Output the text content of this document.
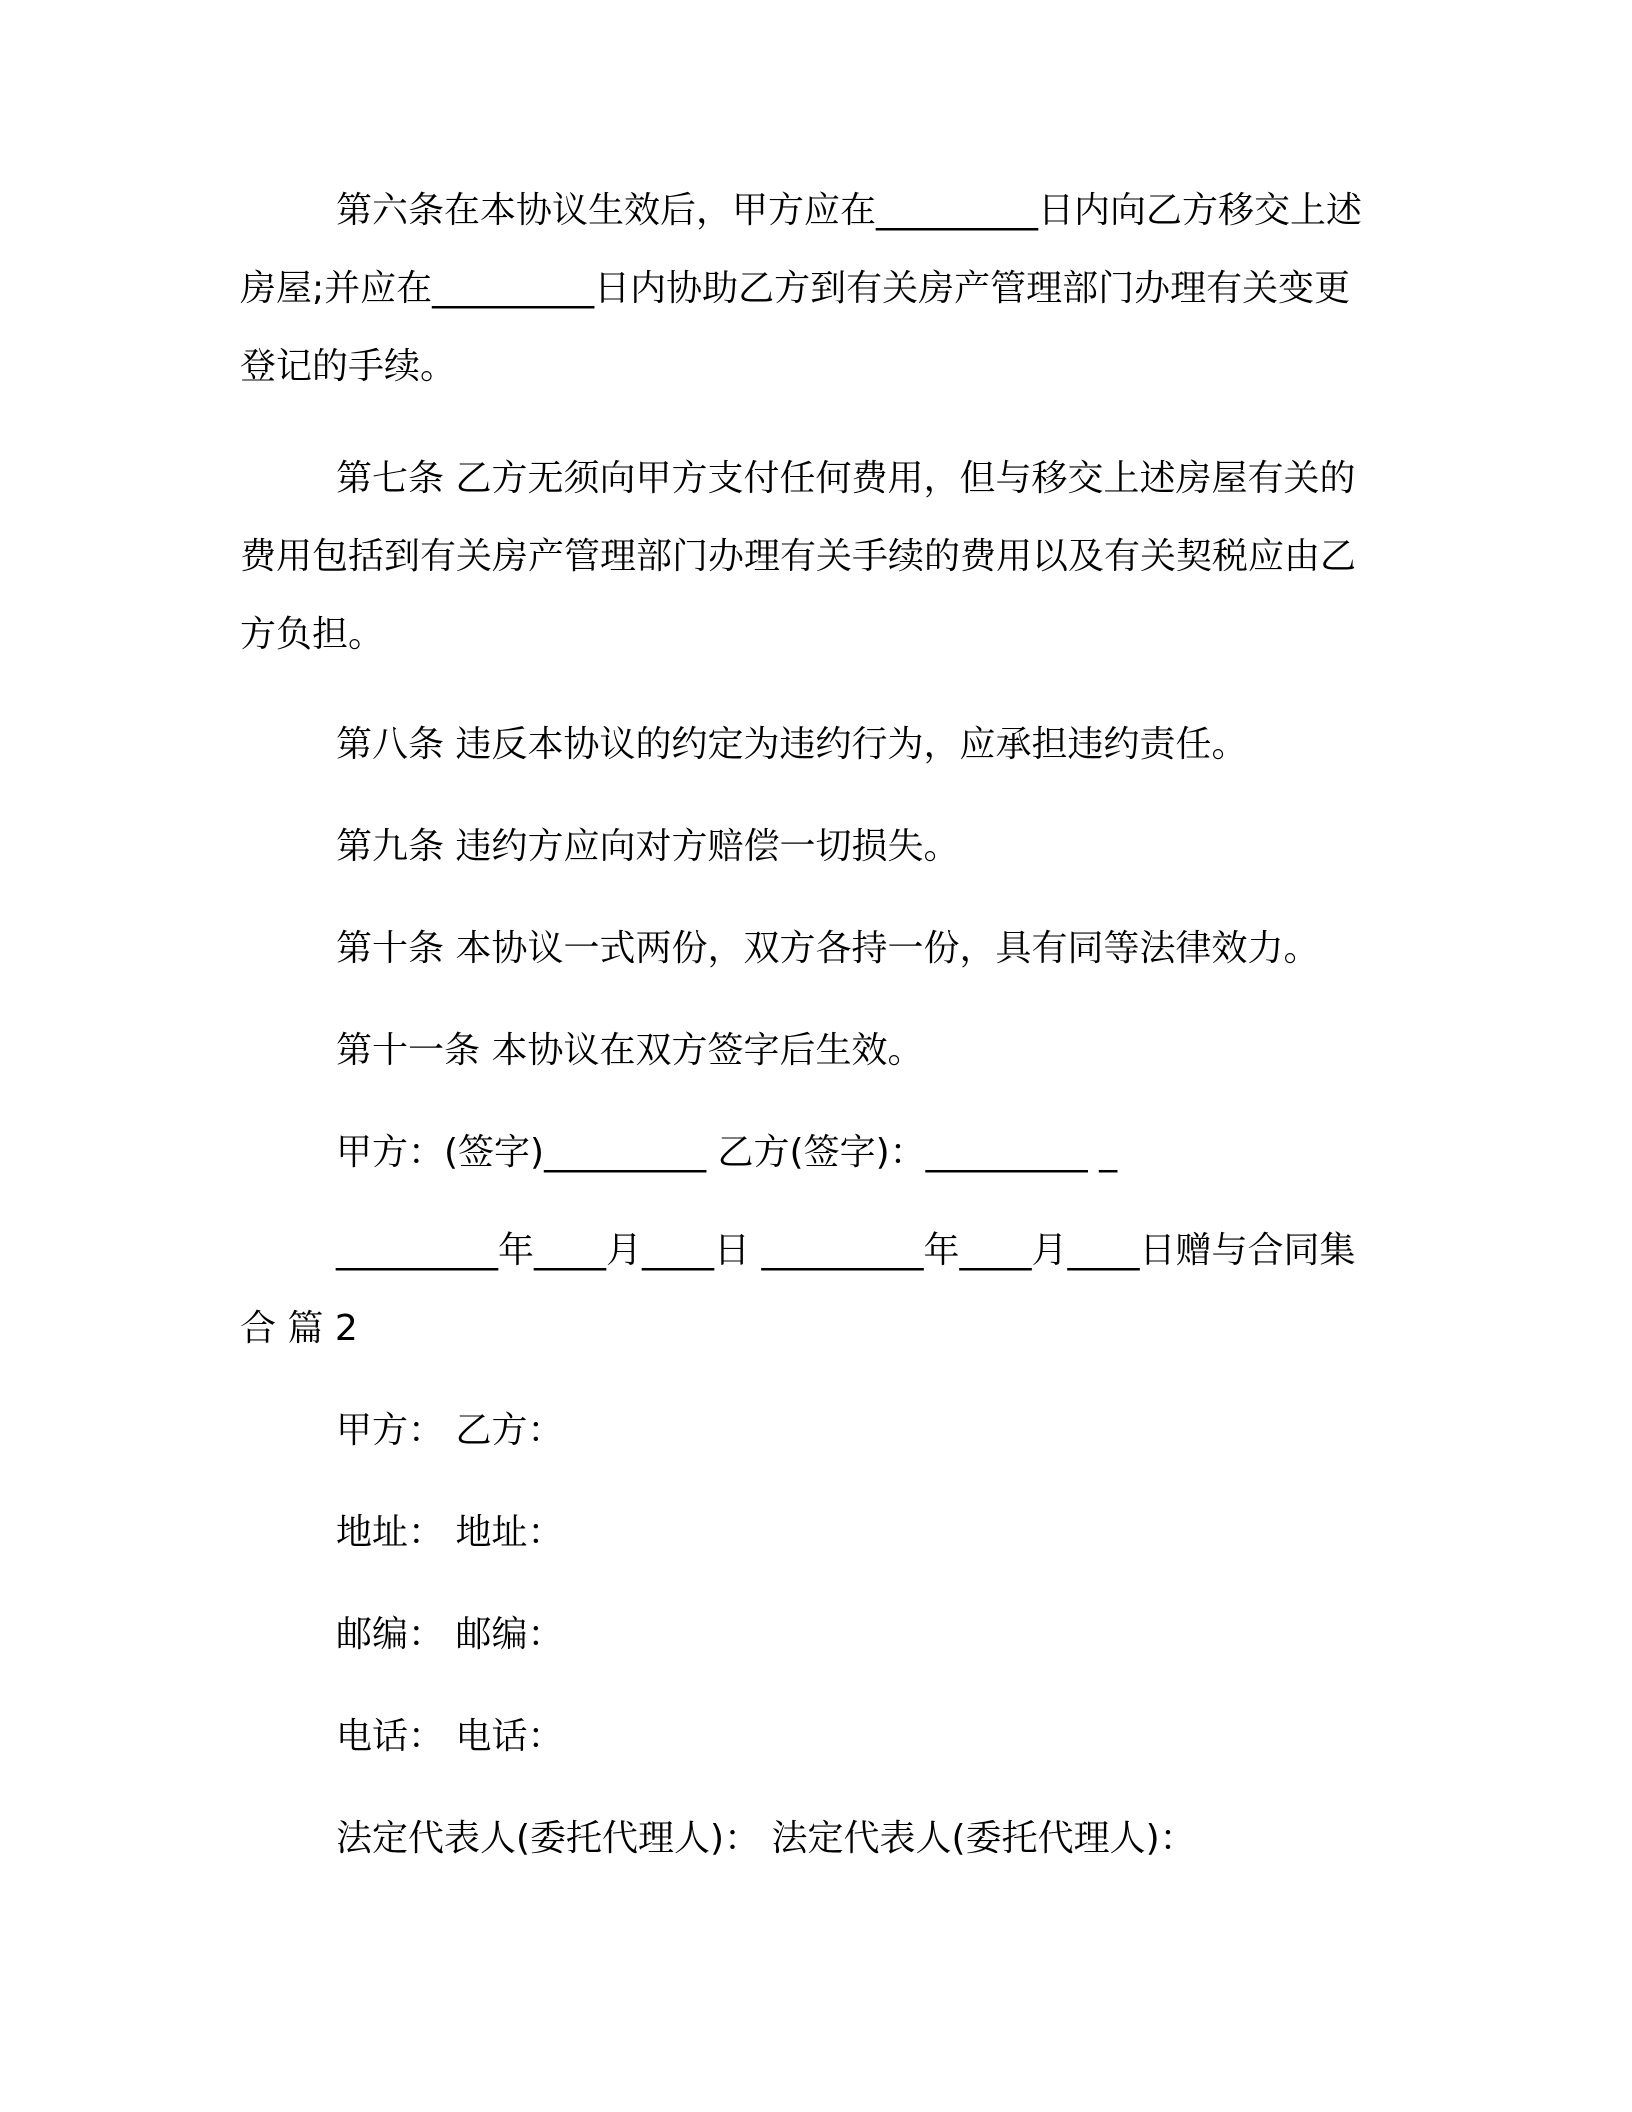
第六条在本协议生效后，甲方应在_________日内向乙方移交上述房屋;并应在_________日内协助乙方到有关房产管理部门办理有关变更登记的手续。

第七条 乙方无须向甲方支付任何费用，但与移交上述房屋有关的费用包括到有关房产管理部门办理有关手续的费用以及有关契税应由乙方负担。

第八条 违反本协议的约定为违约行为，应承担违约责任。

第九条 违约方应向对方赔偿一切损失。

第十条 本协议一式两份，双方各持一份，具有同等法律效力。

第十一条 本协议在双方签字后生效。

甲方：(签字)_________ 乙方(签字)：_________ _

_________年____月____日 _________年____月____日赠与合同集合 篇 2

甲方： 乙方：

地址： 地址：

邮编： 邮编：

电话： 电话：

法定代表人(委托代理人)： 法定代表人(委托代理人)：
